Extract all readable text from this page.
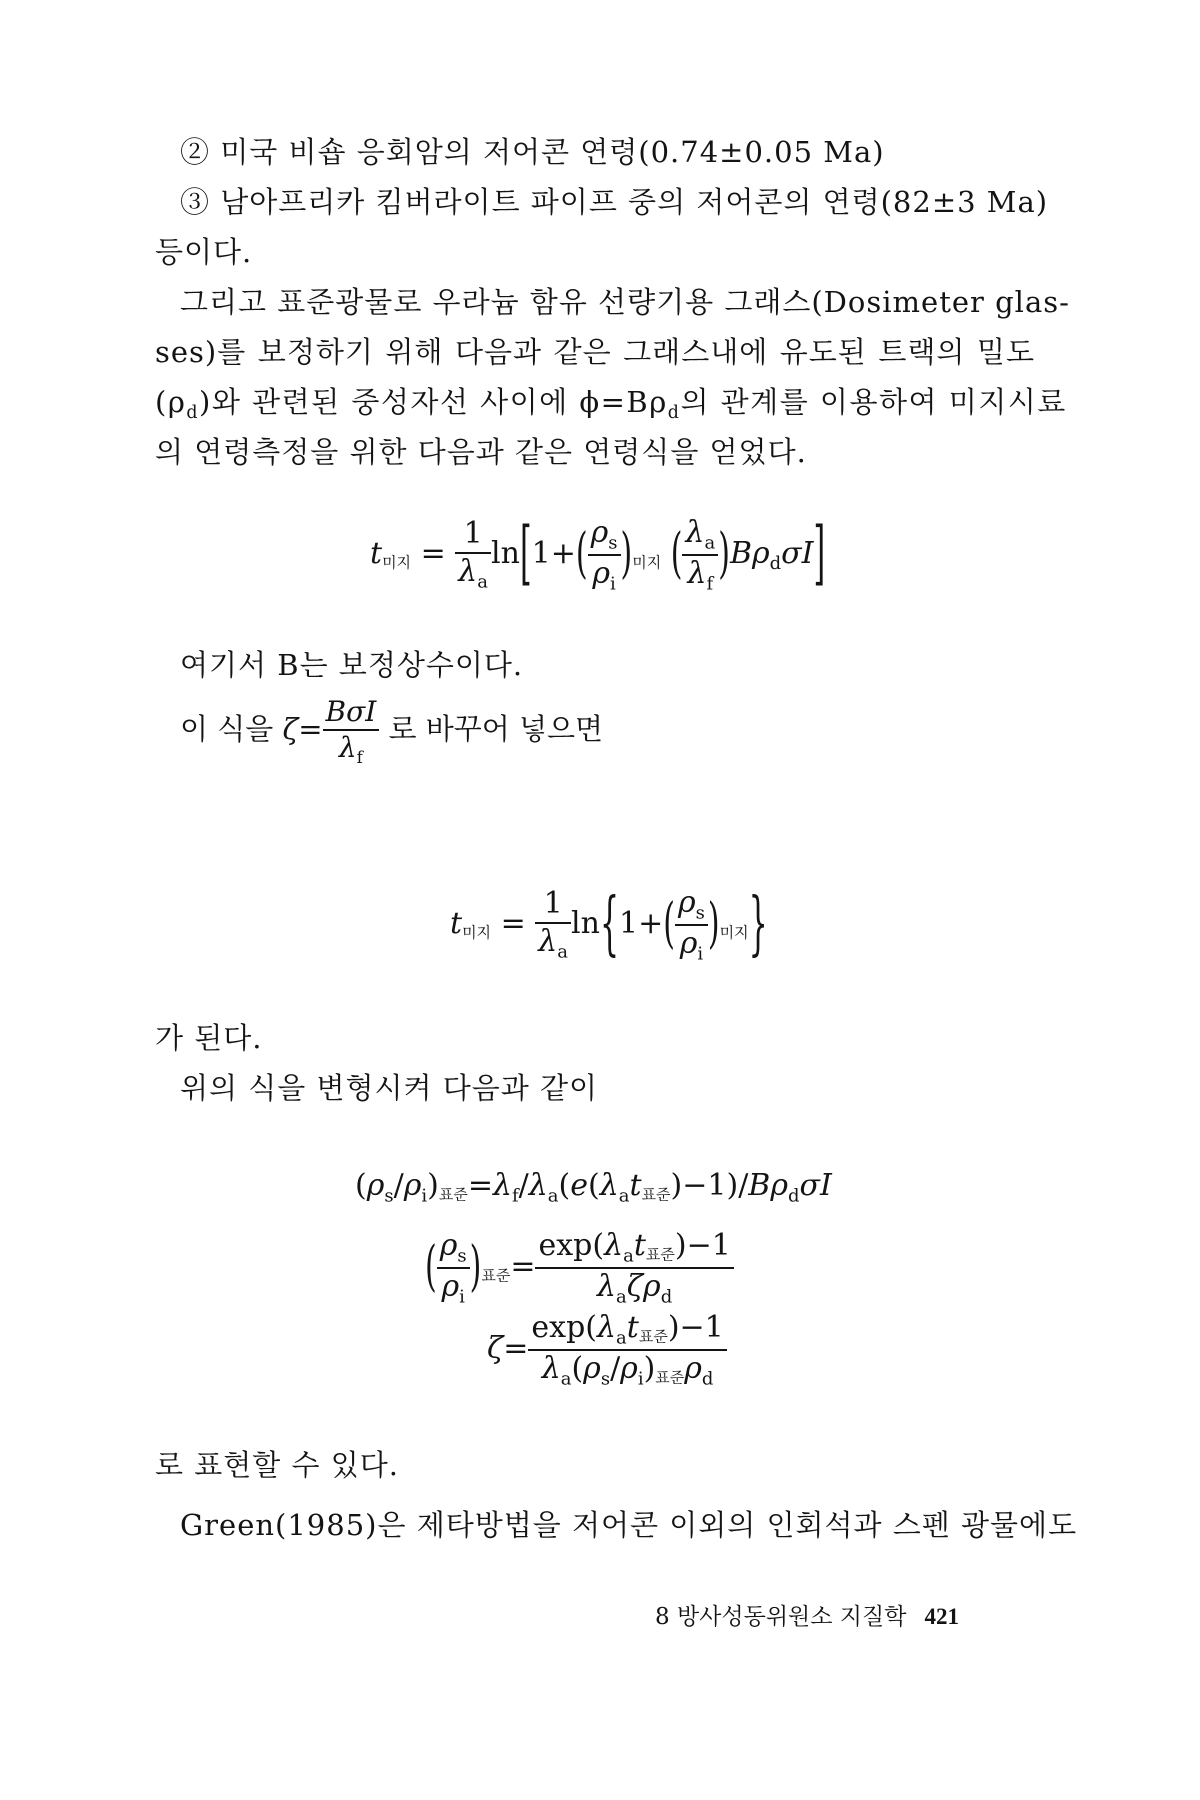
② 미국 비숍 응회암의 저어콘 연령(0.74±0.05 Ma)
③ 남아프리카 킴버라이트 파이프 중의 저어콘의 연령(82±3 Ma)
등이다.
그리고 표준광물로 우라늄 함유 선량기용 그래스(Dosimeter glas-
ses)를 보정하기 위해 다음과 같은 그래스내에 유도된 트랙의 밀도
$(\rho_d)$와 관련된 중성자선 사이에 $\phi=B\rho_d$의 관계를 이용하여 미지시료
의 연령측정을 위한 다음과 같은 연령식을 얻었다.
t미지 = $\frac{1}{\lambda_a} \ln[1+( \frac{\rho_s}{\rho_i}$ )미지 ( $\frac{\lambda_a}{\lambda_f} )B\rho_d\sigma I$]
여기서 B는 보정상수이다.
이 식을 $\zeta= \frac{\text{BσI}}{\lambda_f}$ 로 바꾸어 넣으면
t미지 = $\frac{1}{\lambda_a} \ln\{1+( \frac{\rho_s}{\rho_i}$ )미지}
가 된다.
위의 식을 변형시켜 다음과 같이
$(\rho_s/\rho_i)$표준$=\lambda_f/\lambda_a(e(\lambda_at$표준)$-1)/B\rho_d\sigma I$
( $\frac{\rho_s}{\rho_i}$ )표준= $\frac{\exp(\lambda_at표준)-1}{\lambda_a\zeta\rho_d}$
$\zeta= \frac{\exp(\lambda_at표준)-1}{\lambda_a(\rho_s/\rho_i)표준\rho_d}$
로 표현할 수 있다.
Green(1985)은 제타방법을 저어콘 이외의 인회석과 스펜 광물에도
8 방사성동위원소 지질학 421
